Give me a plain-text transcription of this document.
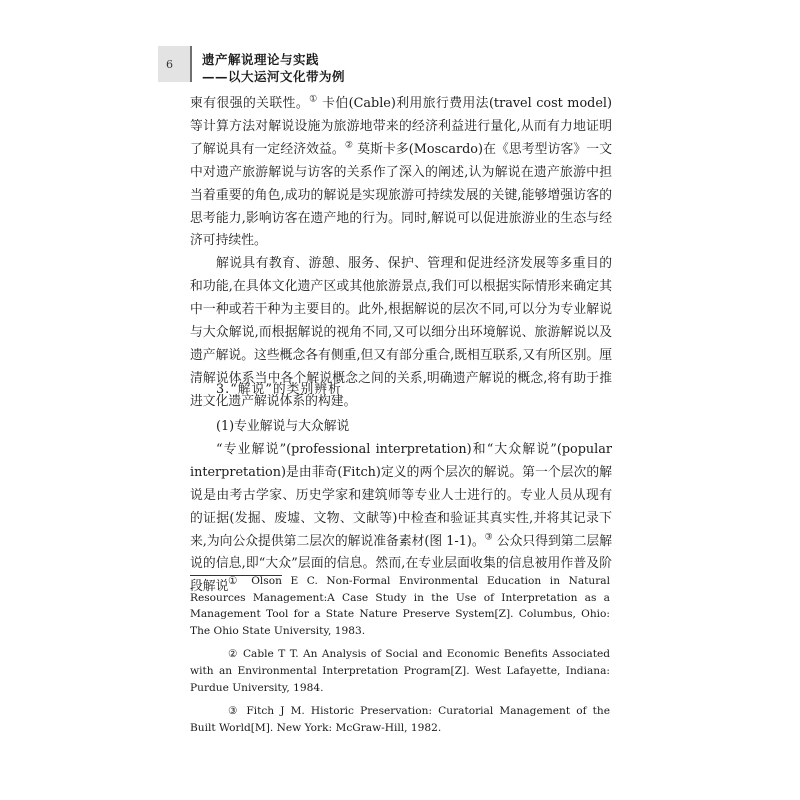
6 遗产解说理论与实践
——以大运河文化带为例

柬有很强的关联性。① 卡伯(Cable)利用旅行费用法(travel cost model)等计算方法对解说设施为旅游地带来的经济利益进行量化,从而有力地证明了解说具有一定经济效益。② 莫斯卡多(Moscardo)在《思考型访客》一文中对遗产旅游解说与访客的关系作了深入的阐述,认为解说在遗产旅游中担当着重要的角色,成功的解说是实现旅游可持续发展的关键,能够增强访客的思考能力,影响访客在遗产地的行为。同时,解说可以促进旅游业的生态与经济可持续性。

解说具有教育、游憩、服务、保护、管理和促进经济发展等多重目的和功能,在具体文化遗产区或其他旅游景点,我们可以根据实际情形来确定其中一种或若干种为主要目的。此外,根据解说的层次不同,可以分为专业解说与大众解说,而根据解说的视角不同,又可以细分出环境解说、旅游解说以及遗产解说。这些概念各有侧重,但又有部分重合,既相互联系,又有所区别。厘清解说体系当中各个解说概念之间的关系,明确遗产解说的概念,将有助于推进文化遗产解说体系的构建。

3.“解说”的类别辨析

(1)专业解说与大众解说

“专业解说”(professional interpretation)和“大众解说”(popular interpretation)是由菲奇(Fitch)定义的两个层次的解说。第一个层次的解说是由考古学家、历史学家和建筑师等专业人士进行的。专业人员从现有的证据(发掘、废墟、文物、文献等)中检查和验证其真实性,并将其记录下来,为向公众提供第二层次的解说准备素材(图 1-1)。③ 公众只得到第二层解说的信息,即“大众”层面的信息。然而,在专业层面收集的信息被用作普及阶段解说 ① Olson E C. Non-Formal Environmental Education in Natural Resources Management:A Case Study in the Use of Interpretation as a Management Tool for a State Nature Preserve System[Z]. Columbus, Ohio: The Ohio State University, 1983.

② Cable T T. An Analysis of Social and Economic Benefits Associated with an Environmental Interpretation Program[Z]. West Lafayette, Indiana: Purdue University, 1984.

③ Fitch J M. Historic Preservation: Curatorial Management of the Built World[M]. New York: McGraw-Hill, 1982.
